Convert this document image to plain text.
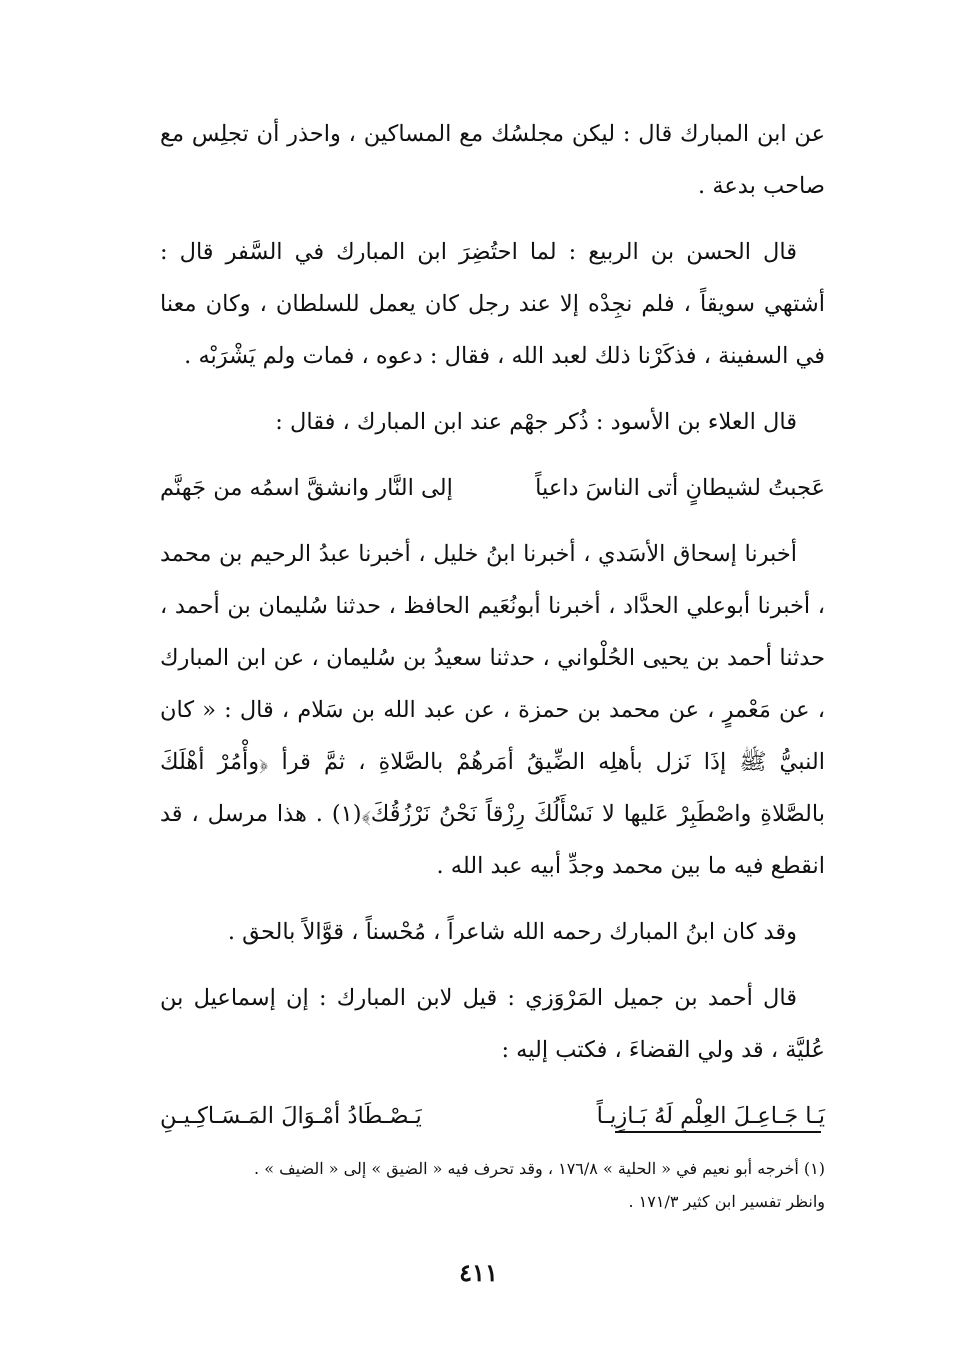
عن ابن المبارك قال : ليكن مجلسُك مع المساكين ، واحذر أن تجلِس مع صاحب بدعة .

قال الحسن بن الربيع : لما احتُضِرَ ابن المبارك في السَّفر قال : أشتهي سويقاً ، فلم نجِدْه إلا عند رجل كان يعمل للسلطان ، وكان معنا في السفينة ، فذكَرْنا ذلك لعبد الله ، فقال : دعوه ، فمات ولم يَشْرَبْه .

قال العلاء بن الأسود : ذُكر جهْم عند ابن المبارك ، فقال :

عَجبتُ لشيطانٍ أتى الناسَ داعياً
إلى النَّار وانشقَّ اسمُه من جَهنَّم

أخبرنا إسحاق الأسَدي ، أخبرنا ابنُ خليل ، أخبرنا عبدُ الرحيم بن محمد ، أخبرنا أبوعلي الحدَّاد ، أخبرنا أبونُعَيم الحافظ ، حدثنا سُليمان بن أحمد ، حدثنا أحمد بن يحيى الحُلْواني ، حدثنا سعيدُ بن سُليمان ، عن ابن المبارك ، عن مَعْمرٍ ، عن محمد بن حمزة ، عن عبد الله بن سَلام ، قال : « كان النبيُّ ﷺ إذَا نَزل بأهلِه الضِّيقُ أمَرهُمْ بالصَّلاةِ ، ثمَّ قرأ ﴿وأْمُرْ أهْلَكَ بالصَّلاةِ واصْطَبِرْ عَليها لا نَسْأَلُكَ رِزْقاً نَحْنُ نَرْزُقُكَ﴾(١) . هذا مرسل ، قد انقطع فيه ما بين محمد وجدِّ أبيه عبد الله .

وقد كان ابنُ المبارك رحمه الله شاعراً ، مُحْسناً ، قوَّالاً بالحق .

قال أحمد بن جميل المَرْوَزي : قيل لابن المبارك : إن إسماعيل بن عُليَّة ، قد ولي القضاءَ ، فكتب إليه :

يَـا جَـاعِـلَ العِلْمِ لَهُ بَـازِيـاً
يَـصْـطَادُ أمْـوَالَ المَـسَـاكِـيـنِ

(١) أخرجه أبو نعيم في « الحلية » ١٧٦/٨ ، وقد تحرف فيه « الضيق » إلى « الضيف » .

وانظر تفسير ابن كثير ١٧١/٣ .

٤١١
